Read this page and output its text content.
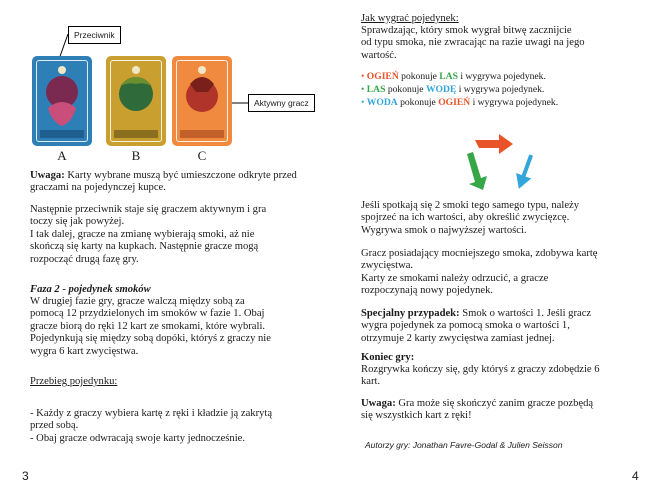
Przeciwnik
Aktywny gracz
A	B	C
Uwaga: Karty wybrane muszą być umieszczone odkryte przed graczami na pojedynczej kupce.
Następnie przeciwnik staje się graczem aktywnym i gra
toczy się jak powyżej.
I tak dalej, gracze na zmianę wybierają smoki, aż nie
skończą się karty na kupkach. Następnie gracze mogą
rozpocząć drugą fazę gry.
Faza 2 - pojedynek smoków
W drugiej fazie gry, gracze walczą między sobą za
pomocą 12 przydzielonych im smoków w fazie 1. Obaj
gracze biorą do ręki 12 kart ze smokami, które wybrali.
Pojedynkują się między sobą dopóki, któryś z graczy nie
wygra 6 kart zwycięstwa.
Przebieg pojedynku:
- Każdy z graczy wybiera kartę z ręki i kładzie ją zakrytą
przed sobą.
- Obaj gracze odwracają swoje karty jednocześnie.
3
Jak wygrać pojedynek:
Sprawdzając, który smok wygrał bitwę zacznijcie
od typu smoka, nie zwracając na razie uwagi na jego
wartość.
• OGIEŃ pokonuje LAS i wygrywa pojedynek.
• LAS pokonuje WODĘ i wygrywa pojedynek.
• WODA pokonuje OGIEŃ i wygrywa pojedynek.
Jeśli spotkają się 2 smoki tego samego typu, należy
spojrzeć na ich wartości, aby określić zwycięzcę.
Wygrywa smok o najwyższej wartości.
Gracz posiadający mocniejszego smoka, zdobywa kartę
zwycięstwa.
Karty ze smokami należy odrzucić, a gracze
rozpoczynają nowy pojedynek.
Specjalny przypadek: Smok o wartości 1. Jeśli gracz
wygra pojedynek za pomocą smoka o wartości 1,
otrzymuje 2 karty zwycięstwa zamiast jednej.
Koniec gry:
Rozgrywka kończy się, gdy któryś z graczy zdobędzie 6
kart.
Uwaga: Gra może się skończyć zanim gracze pozbędą
się wszystkich kart z ręki!
Autorzy gry: Jonathan Favre-Godal & Julien Seisson
4
